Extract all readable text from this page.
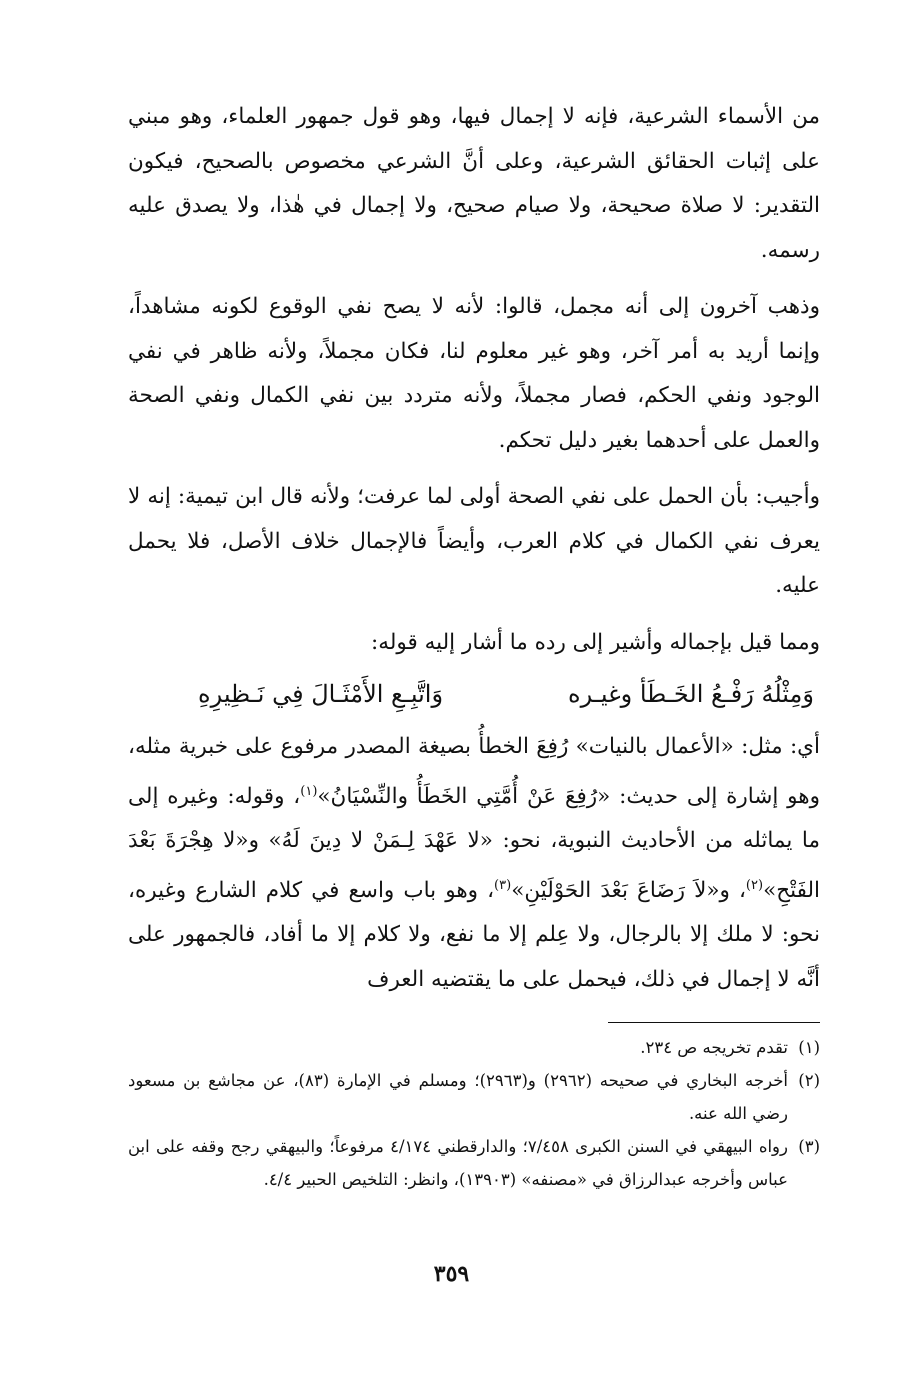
من الأسماء الشرعية، فإنه لا إجمال فيها، وهو قول جمهور العلماء، وهو مبني على إثبات الحقائق الشرعية، وعلى أنَّ الشرعي مخصوص بالصحيح، فيكون التقدير: لا صلاة صحيحة، ولا صيام صحيح، ولا إجمال في هٰذا، ولا يصدق عليه رسمه.

وذهب آخرون إلى أنه مجمل، قالوا: لأنه لا يصح نفي الوقوع لكونه مشاهداً، وإنما أريد به أمر آخر، وهو غير معلوم لنا، فكان مجملاً، ولأنه ظاهر في نفي الوجود ونفي الحكم، فصار مجملاً، ولأنه متردد بين نفي الكمال ونفي الصحة والعمل على أحدهما بغير دليل تحكم.

وأجيب: بأن الحمل على نفي الصحة أولى لما عرفت؛ ولأنه قال ابن تيمية: إنه لا يعرف نفي الكمال في كلام العرب، وأيضاً فالإجمال خلاف الأصل، فلا يحمل عليه.

ومما قيل بإجماله وأشير إلى رده ما أشار إليه قوله:

وَمِثْلُهُ رَفْـعُ الخَـطَأ وغيـره
وَاتَّبِـعِ الأَمْثَـالَ فِي نَـظِيرِهِ

أي: مثل: «الأعمال بالنيات» رُفِعَ الخطأُ بصيغة المصدر مرفوع على خبرية مثله، وهو إشارة إلى حديث: «رُفِعَ عَنْ أُمَّتِي الخَطَأُ والنِّسْيَانُ»$^{(١)}$، وقوله: وغيره إلى ما يماثله من الأحاديث النبوية، نحو: «لا عَهْدَ لِـمَنْ لا دِينَ لَهُ» و«لا هِجْرَةَ بَعْدَ الفَتْحِ»$^{(٢)}$، و«لاَ رَضَاعَ بَعْدَ الحَوْلَيْنِ»$^{(٣)}$، وهو باب واسع في كلام الشارع وغيره، نحو: لا ملك إلا بالرجال، ولا عِلم إلا ما نفع، ولا كلام إلا ما أفاد، فالجمهور على أنَّه لا إجمال في ذلك، فيحمل على ما يقتضيه العرف

(١)
تقدم تخريجه ص ٢٣٤.
(٢)
أخرجه البخاري في صحيحه (٢٩٦٢) و(٢٩٦٣)؛ ومسلم في الإمارة (٨٣)، عن مجاشع بن مسعود رضي الله عنه.
(٣)
رواه البيهقي في السنن الكبرى ٧/٤٥٨؛ والدارقطني ٤/١٧٤ مرفوعاً؛ والبيهقي رجح وقفه على ابن عباس وأخرجه عبدالرزاق في «مصنفه» (١٣٩٠٣)، وانظر: التلخيص الحبير ٤/٤.
٣٥٩
